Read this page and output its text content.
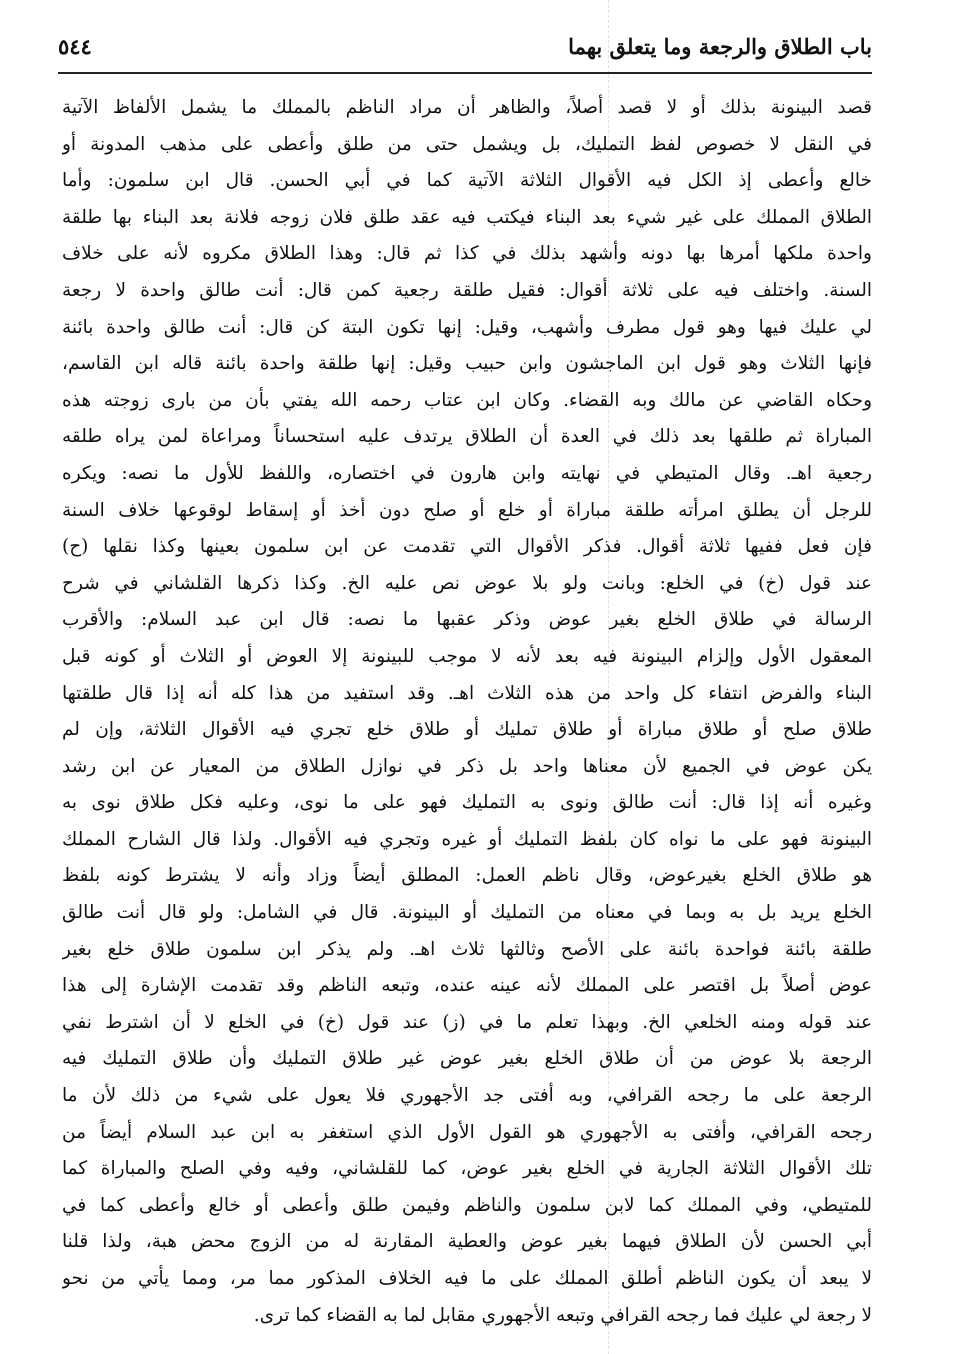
باب الطلاق والرجعة وما يتعلق بهما
٥٤٤
قصد البينونة بذلك أو لا قصد أصلاً، والظاهر أن مراد الناظم بالمملك ما يشمل الألفاظ الآتية
في النقل لا خصوص لفظ التمليك، بل ويشمل حتى من طلق وأعطى على مذهب المدونة أو
خالع وأعطى إذ الكل فيه الأقوال الثلاثة الآتية كما في أبي الحسن. قال ابن سلمون: وأما
الطلاق المملك على غير شيء بعد البناء فيكتب فيه عقد طلق فلان زوجه فلانة بعد البناء بها طلقة
واحدة ملكها أمرها بها دونه وأشهد بذلك في كذا ثم قال: وهذا الطلاق مكروه لأنه على خلاف
السنة. واختلف فيه على ثلاثة أقوال: فقيل طلقة رجعية كمن قال: أنت طالق واحدة لا رجعة
لي عليك فيها وهو قول مطرف وأشهب، وقيل: إنها تكون البتة كن قال: أنت طالق واحدة بائنة
فإنها الثلاث وهو قول ابن الماجشون وابن حبيب وقيل: إنها طلقة واحدة بائنة قاله ابن القاسم،
وحكاه القاضي عن مالك وبه القضاء. وكان ابن عتاب رحمه الله يفتي بأن من بارى زوجته هذه
المباراة ثم طلقها بعد ذلك في العدة أن الطلاق يرتدف عليه استحساناً ومراعاة لمن يراه طلقه
رجعية اهـ. وقال المتيطي في نهايته وابن هارون في اختصاره، واللفظ للأول ما نصه: ويكره
للرجل أن يطلق امرأته طلقة مباراة أو خلع أو صلح دون أخذ أو إسقاط لوقوعها خلاف السنة
فإن فعل ففيها ثلاثة أقوال. فذكر الأقوال التي تقدمت عن ابن سلمون بعينها وكذا نقلها (ح)
عند قول (خ) في الخلع: وبانت ولو بلا عوض نص عليه الخ. وكذا ذكرها القلشاني في شرح
الرسالة في طلاق الخلع بغير عوض وذكر عقبها ما نصه: قال ابن عبد السلام: والأقرب
المعقول الأول وإلزام البينونة فيه بعد لأنه لا موجب للبينونة إلا العوض أو الثلاث أو كونه قبل
البناء والفرض انتفاء كل واحد من هذه الثلاث اهـ. وقد استفيد من هذا كله أنه إذا قال طلقتها
طلاق صلح أو طلاق مباراة أو طلاق تمليك أو طلاق خلع تجري فيه الأقوال الثلاثة، وإن لم
يكن عوض في الجميع لأن معناها واحد بل ذكر في نوازل الطلاق من المعيار عن ابن رشد
وغيره أنه إذا قال: أنت طالق ونوى به التمليك فهو على ما نوى، وعليه فكل طلاق نوى به
البينونة فهو على ما نواه كان بلفظ التمليك أو غيره وتجري فيه الأقوال. ولذا قال الشارح المملك
هو طلاق الخلع بغيرعوض، وقال ناظم العمل: المطلق أيضاً وزاد وأنه لا يشترط كونه بلفظ
الخلع يريد بل به وبما في معناه من التمليك أو البينونة. قال في الشامل: ولو قال أنت طالق
طلقة بائنة فواحدة بائنة على الأصح وثالثها ثلاث اهـ. ولم يذكر ابن سلمون طلاق خلع بغير
عوض أصلاً بل اقتصر على المملك لأنه عينه عنده، وتبعه الناظم وقد تقدمت الإشارة إلى هذا
عند قوله ومنه الخلعي الخ. وبهذا تعلم ما في (ز) عند قول (خ) في الخلع لا أن اشترط نفي
الرجعة بلا عوض من أن طلاق الخلع بغير عوض غير طلاق التمليك وأن طلاق التمليك فيه
الرجعة على ما رجحه القرافي، وبه أفتى جد الأجهوري فلا يعول على شيء من ذلك لأن ما
رجحه القرافي، وأفتى به الأجهوري هو القول الأول الذي استغفر به ابن عبد السلام أيضاً من
تلك الأقوال الثلاثة الجارية في الخلع بغير عوض، كما للقلشاني، وفيه وفي الصلح والمباراة كما
للمتيطي، وفي المملك كما لابن سلمون والناظم وفيمن طلق وأعطى أو خالع وأعطى كما في
أبي الحسن لأن الطلاق فيهما بغير عوض والعطية المقارنة له من الزوج محض هبة، ولذا قلنا
لا يبعد أن يكون الناظم أطلق المملك على ما فيه الخلاف المذكور مما مر، ومما يأتي من نحو
لا رجعة لي عليك فما رجحه القرافي وتبعه الأجهوري مقابل لما به القضاء كما ترى.
